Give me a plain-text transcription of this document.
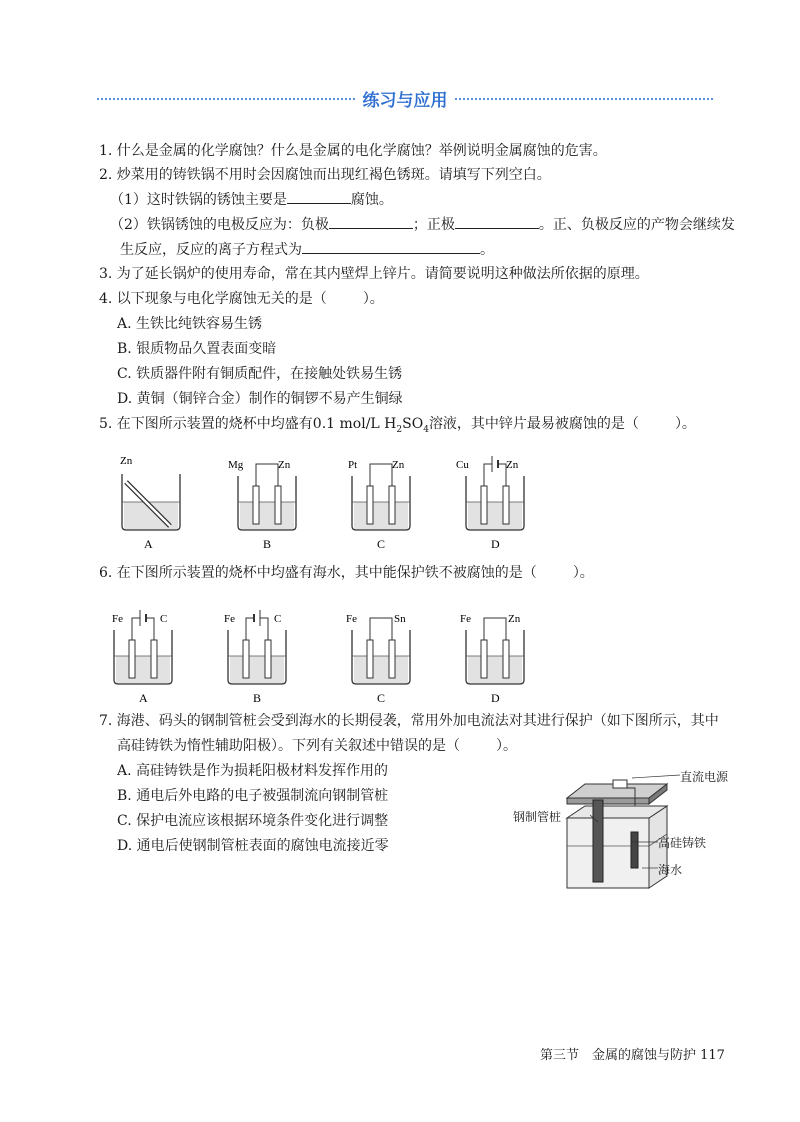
练习与应用
1. 什么是金属的化学腐蚀？什么是金属的电化学腐蚀？举例说明金属腐蚀的危害。
2. 炒菜用的铸铁锅不用时会因腐蚀而出现红褐色锈斑。请填写下列空白。
（1）这时铁锅的锈蚀主要是	腐蚀。
（2）铁锅锈蚀的电极反应为：负极	；正极	。正、负极反应的产物会继续发
生反应，反应的离子方程式为	。
3. 为了延长锅炉的使用寿命，常在其内壁焊上锌片。请简要说明这种做法所依据的原理。
4. 以下现象与电化学腐蚀无关的是（	）。
A. 生铁比纯铁容易生锈
B. 银质物品久置表面变暗
C. 铁质器件附有铜质配件，在接触处铁易生锈
D. 黄铜（铜锌合金）制作的铜锣不易产生铜绿
5. 在下图所示装置的烧杯中均盛有0.1 mol/L $H_2SO_4$溶液，其中锌片最易被腐蚀的是（	）。
Zn
A
Mg	Zn
B
Pt	Zn
C
Cu	Zn
D
6. 在下图所示装置的烧杯中均盛有海水，其中能保护铁不被腐蚀的是（	）。
Fe	C
A
Fe	C
B
Fe	Sn
C
Fe	Zn
D
7. 海港、码头的钢制管桩会受到海水的长期侵袭，常用外加电流法对其进行保护（如下图所示，其中
高硅铸铁为惰性辅助阳极）。下列有关叙述中错误的是（	）。
A. 高硅铸铁是作为损耗阳极材料发挥作用的
B. 通电后外电路的电子被强制流向钢制管桩
C. 保护电流应该根据环境条件变化进行调整
D. 通电后使钢制管桩表面的腐蚀电流接近零
直流电源
钢制管桩
高硅铸铁
海水
第三节　金属的腐蚀与防护 117
